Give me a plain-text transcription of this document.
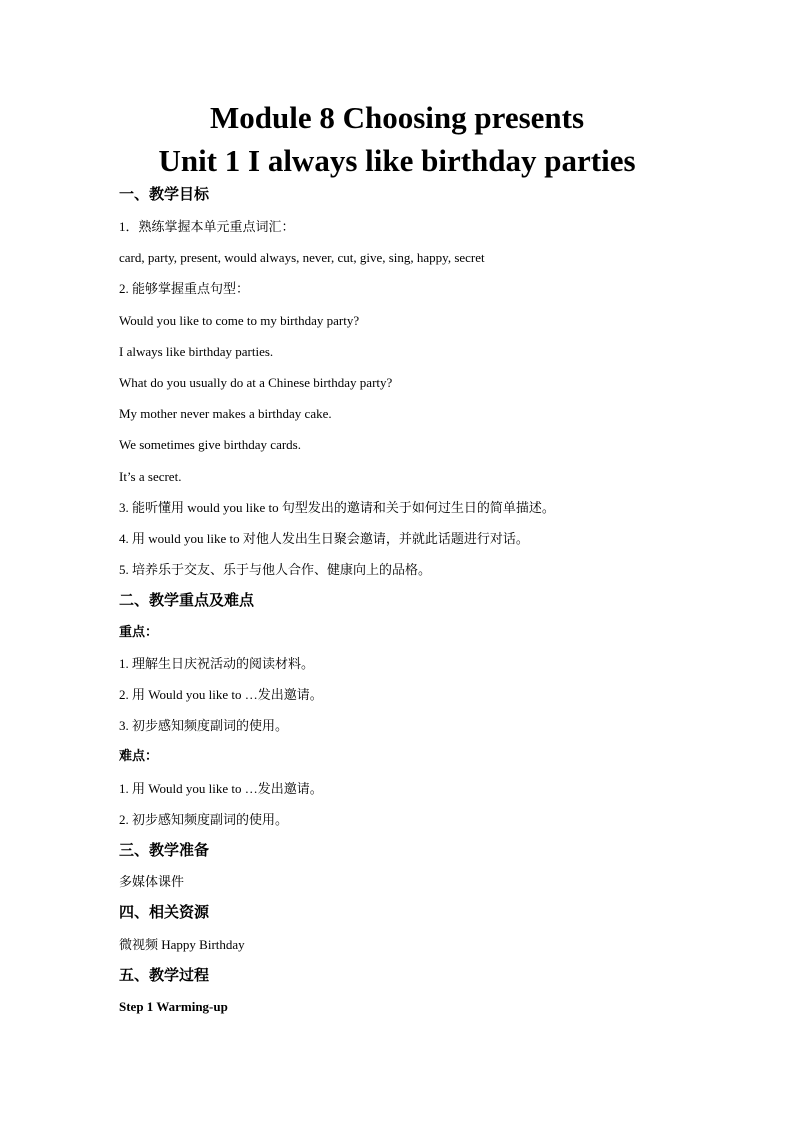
Module 8 Choosing presents
Unit 1 I always like birthday parties
一、教学目标
1．熟练掌握本单元重点词汇：
card, party, present, would always, never, cut, give, sing, happy, secret
2. 能够掌握重点句型：
Would you like to come to my birthday party?
I always like birthday parties.
What do you usually do at a Chinese birthday party?
My mother never makes a birthday cake.
We sometimes give birthday cards.
It’s a secret.
3. 能听懂用 would you like to 句型发出的邀请和关于如何过生日的简单描述。
4. 用 would you like to 对他人发出生日聚会邀请，并就此话题进行对话。
5. 培养乐于交友、乐于与他人合作、健康向上的品格。
二、教学重点及难点
重点：
1. 理解生日庆祝活动的阅读材料。
2. 用 Would you like to …发出邀请。
3. 初步感知频度副词的使用。
难点：
1. 用 Would you like to …发出邀请。
2. 初步感知频度副词的使用。
三、教学准备
多媒体课件
四、相关资源
微视频 Happy Birthday
五、教学过程
Step 1 Warming-up
